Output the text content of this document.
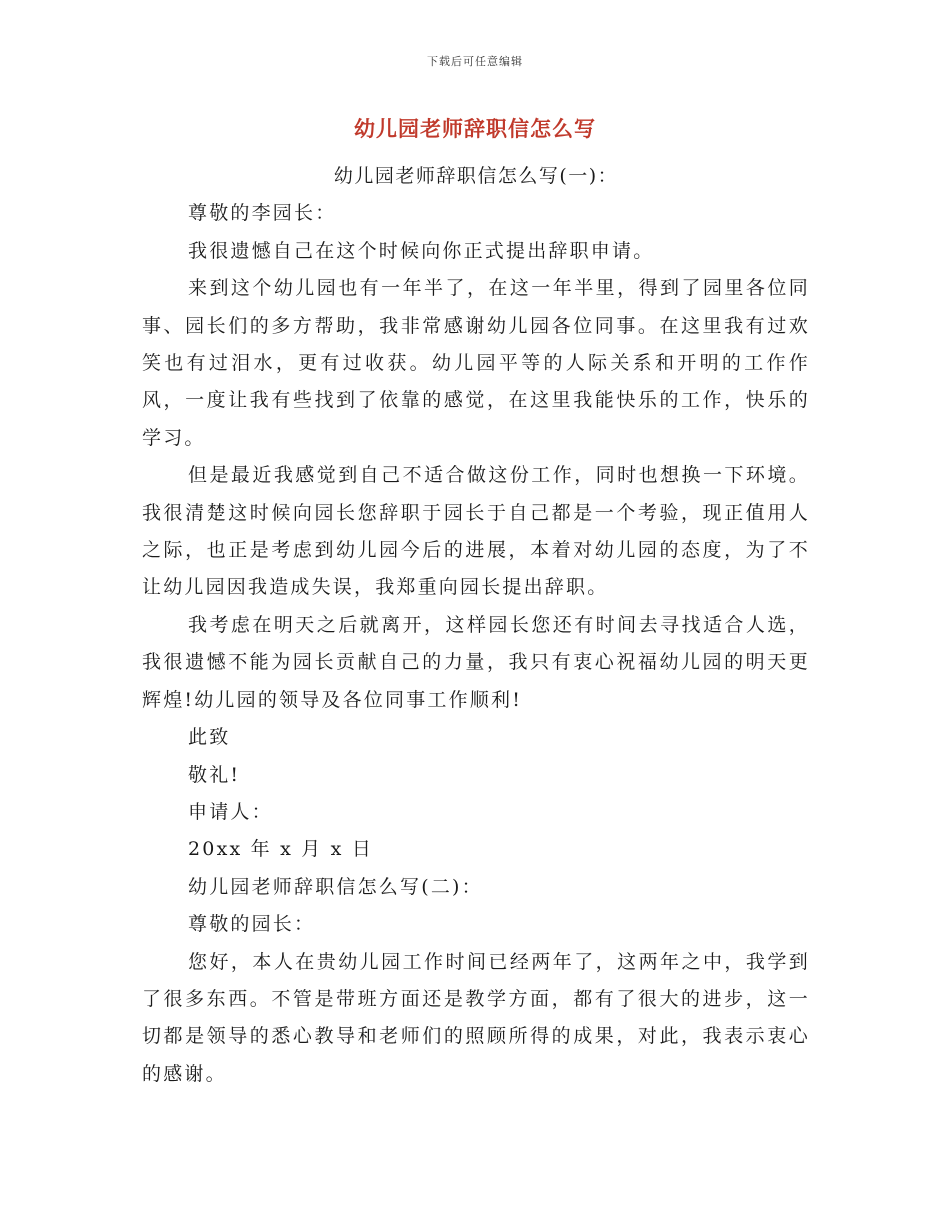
下载后可任意编辑
幼儿园老师辞职信怎么写

幼儿园老师辞职信怎么写(一)：

尊敬的李园长：

我很遗憾自己在这个时候向你正式提出辞职申请。

来到这个幼儿园也有一年半了，在这一年半里，得到了园里各位同事、园长们的多方帮助，我非常感谢幼儿园各位同事。在这里我有过欢笑也有过泪水，更有过收获。幼儿园平等的人际关系和开明的工作作风，一度让我有些找到了依靠的感觉，在这里我能快乐的工作，快乐的学习。

但是最近我感觉到自己不适合做这份工作，同时也想换一下环境。我很清楚这时候向园长您辞职于园长于自己都是一个考验，现正值用人之际，也正是考虑到幼儿园今后的进展，本着对幼儿园的态度，为了不让幼儿园因我造成失误，我郑重向园长提出辞职。

我考虑在明天之后就离开，这样园长您还有时间去寻找适合人选，我很遗憾不能为园长贡献自己的力量，我只有衷心祝福幼儿园的明天更辉煌!幼儿园的领导及各位同事工作顺利!

此致

敬礼!

申请人：

20xx 年 x 月 x 日

幼儿园老师辞职信怎么写(二)：

尊敬的园长：

您好，本人在贵幼儿园工作时间已经两年了，这两年之中，我学到了很多东西。不管是带班方面还是教学方面，都有了很大的进步，这一切都是领导的悉心教导和老师们的照顾所得的成果，对此，我表示衷心的感谢。
